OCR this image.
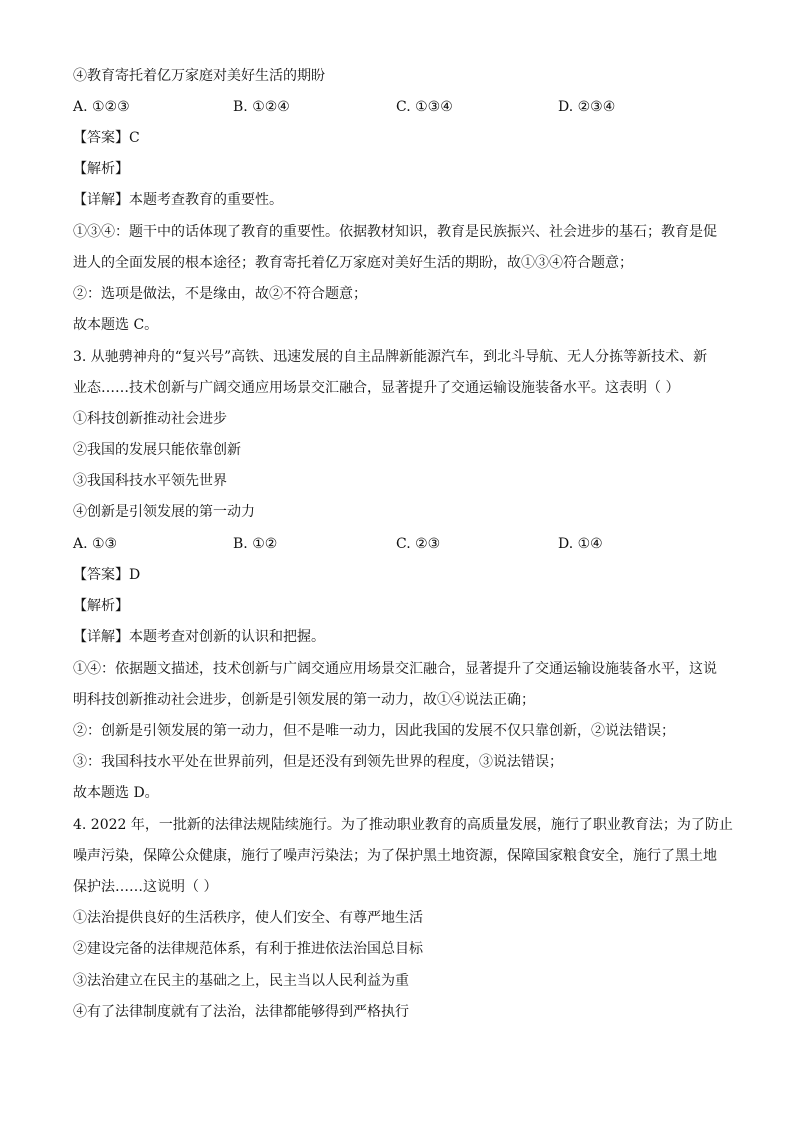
④教育寄托着亿万家庭对美好生活的期盼
A. ①②③	B. ①②④	C. ①③④	D. ②③④
【答案】C
【解析】
【详解】本题考查教育的重要性。
①③④：题干中的话体现了教育的重要性。依据教材知识，教育是民族振兴、社会进步的基石；教育是促
进人的全面发展的根本途径；教育寄托着亿万家庭对美好生活的期盼，故①③④符合题意；
②：选项是做法，不是缘由，故②不符合题意；
故本题选 C。
3. 从驰骋神舟的“复兴号”高铁、迅速发展的自主品牌新能源汽车，到北斗导航、无人分拣等新技术、新
业态……技术创新与广阔交通应用场景交汇融合，显著提升了交通运输设施装备水平。这表明（ ）
①科技创新推动社会进步
②我国的发展只能依靠创新
③我国科技水平领先世界
④创新是引领发展的第一动力
A. ①③	B. ①②	C. ②③	D. ①④
【答案】D
【解析】
【详解】本题考查对创新的认识和把握。
①④：依据题文描述，技术创新与广阔交通应用场景交汇融合，显著提升了交通运输设施装备水平，这说
明科技创新推动社会进步，创新是引领发展的第一动力，故①④说法正确；
②：创新是引领发展的第一动力，但不是唯一动力，因此我国的发展不仅只靠创新，②说法错误；
③：我国科技水平处在世界前列，但是还没有到领先世界的程度，③说法错误；
故本题选 D。
4. 2022 年，一批新的法律法规陆续施行。为了推动职业教育的高质量发展，施行了职业教育法；为了防止
噪声污染，保障公众健康，施行了噪声污染法；为了保护黑土地资源，保障国家粮食安全，施行了黑土地
保护法……这说明（ ）
①法治提供良好的生活秩序，使人们安全、有尊严地生活
②建设完备的法律规范体系，有利于推进依法治国总目标
③法治建立在民主的基础之上，民主当以人民利益为重
④有了法律制度就有了法治，法律都能够得到严格执行
